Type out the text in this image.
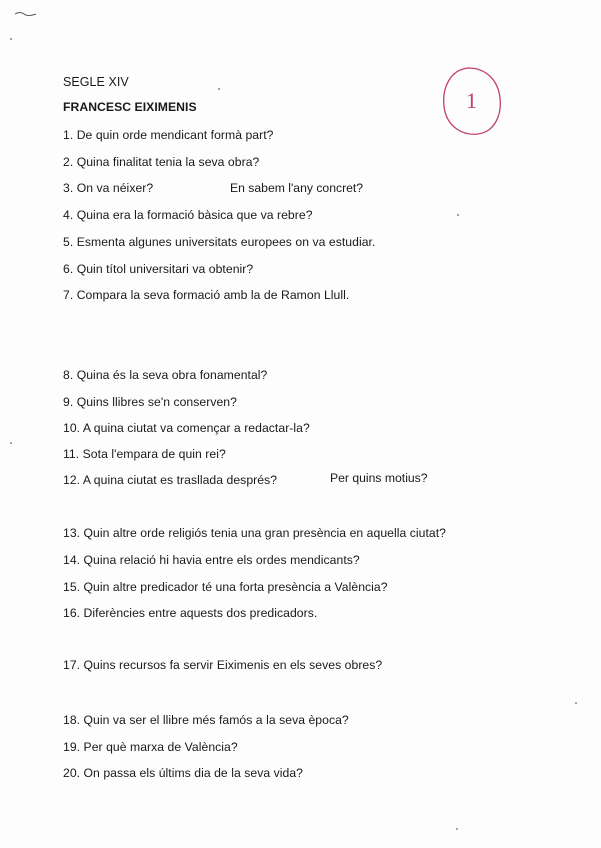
SEGLE XIV
FRANCESC EIXIMENIS
1. De quin orde mendicant formà part?
2. Quina finalitat tenia la seva obra?
3. On va néixer?	En sabem l'any concret?
4. Quina era la formació bàsica que va rebre?
5. Esmenta algunes universitats europees on va estudiar.
6. Quin títol universitari va obtenir?
7. Compara la seva formació amb la de Ramon Llull.
8. Quina és la seva obra fonamental?
9. Quins llibres se'n conserven?
10. A quina ciutat va començar a redactar-la?
11. Sota l'empara de quin rei?
12. A quina ciutat es trasllada després?	Per quins motius?
13. Quin altre orde religiós tenia una gran presència en aquella ciutat?
14. Quina relació hi havia entre els ordes mendicants?
15. Quin altre predicador té una forta presència a València?
16. Diferències entre aquests dos predicadors.
17. Quins recursos fa servir Eiximenis en els seves obres?
18. Quin va ser el llibre més famós a la seva època?
19. Per què marxa de València?
20. On passa els últims dia de la seva vida?
1
